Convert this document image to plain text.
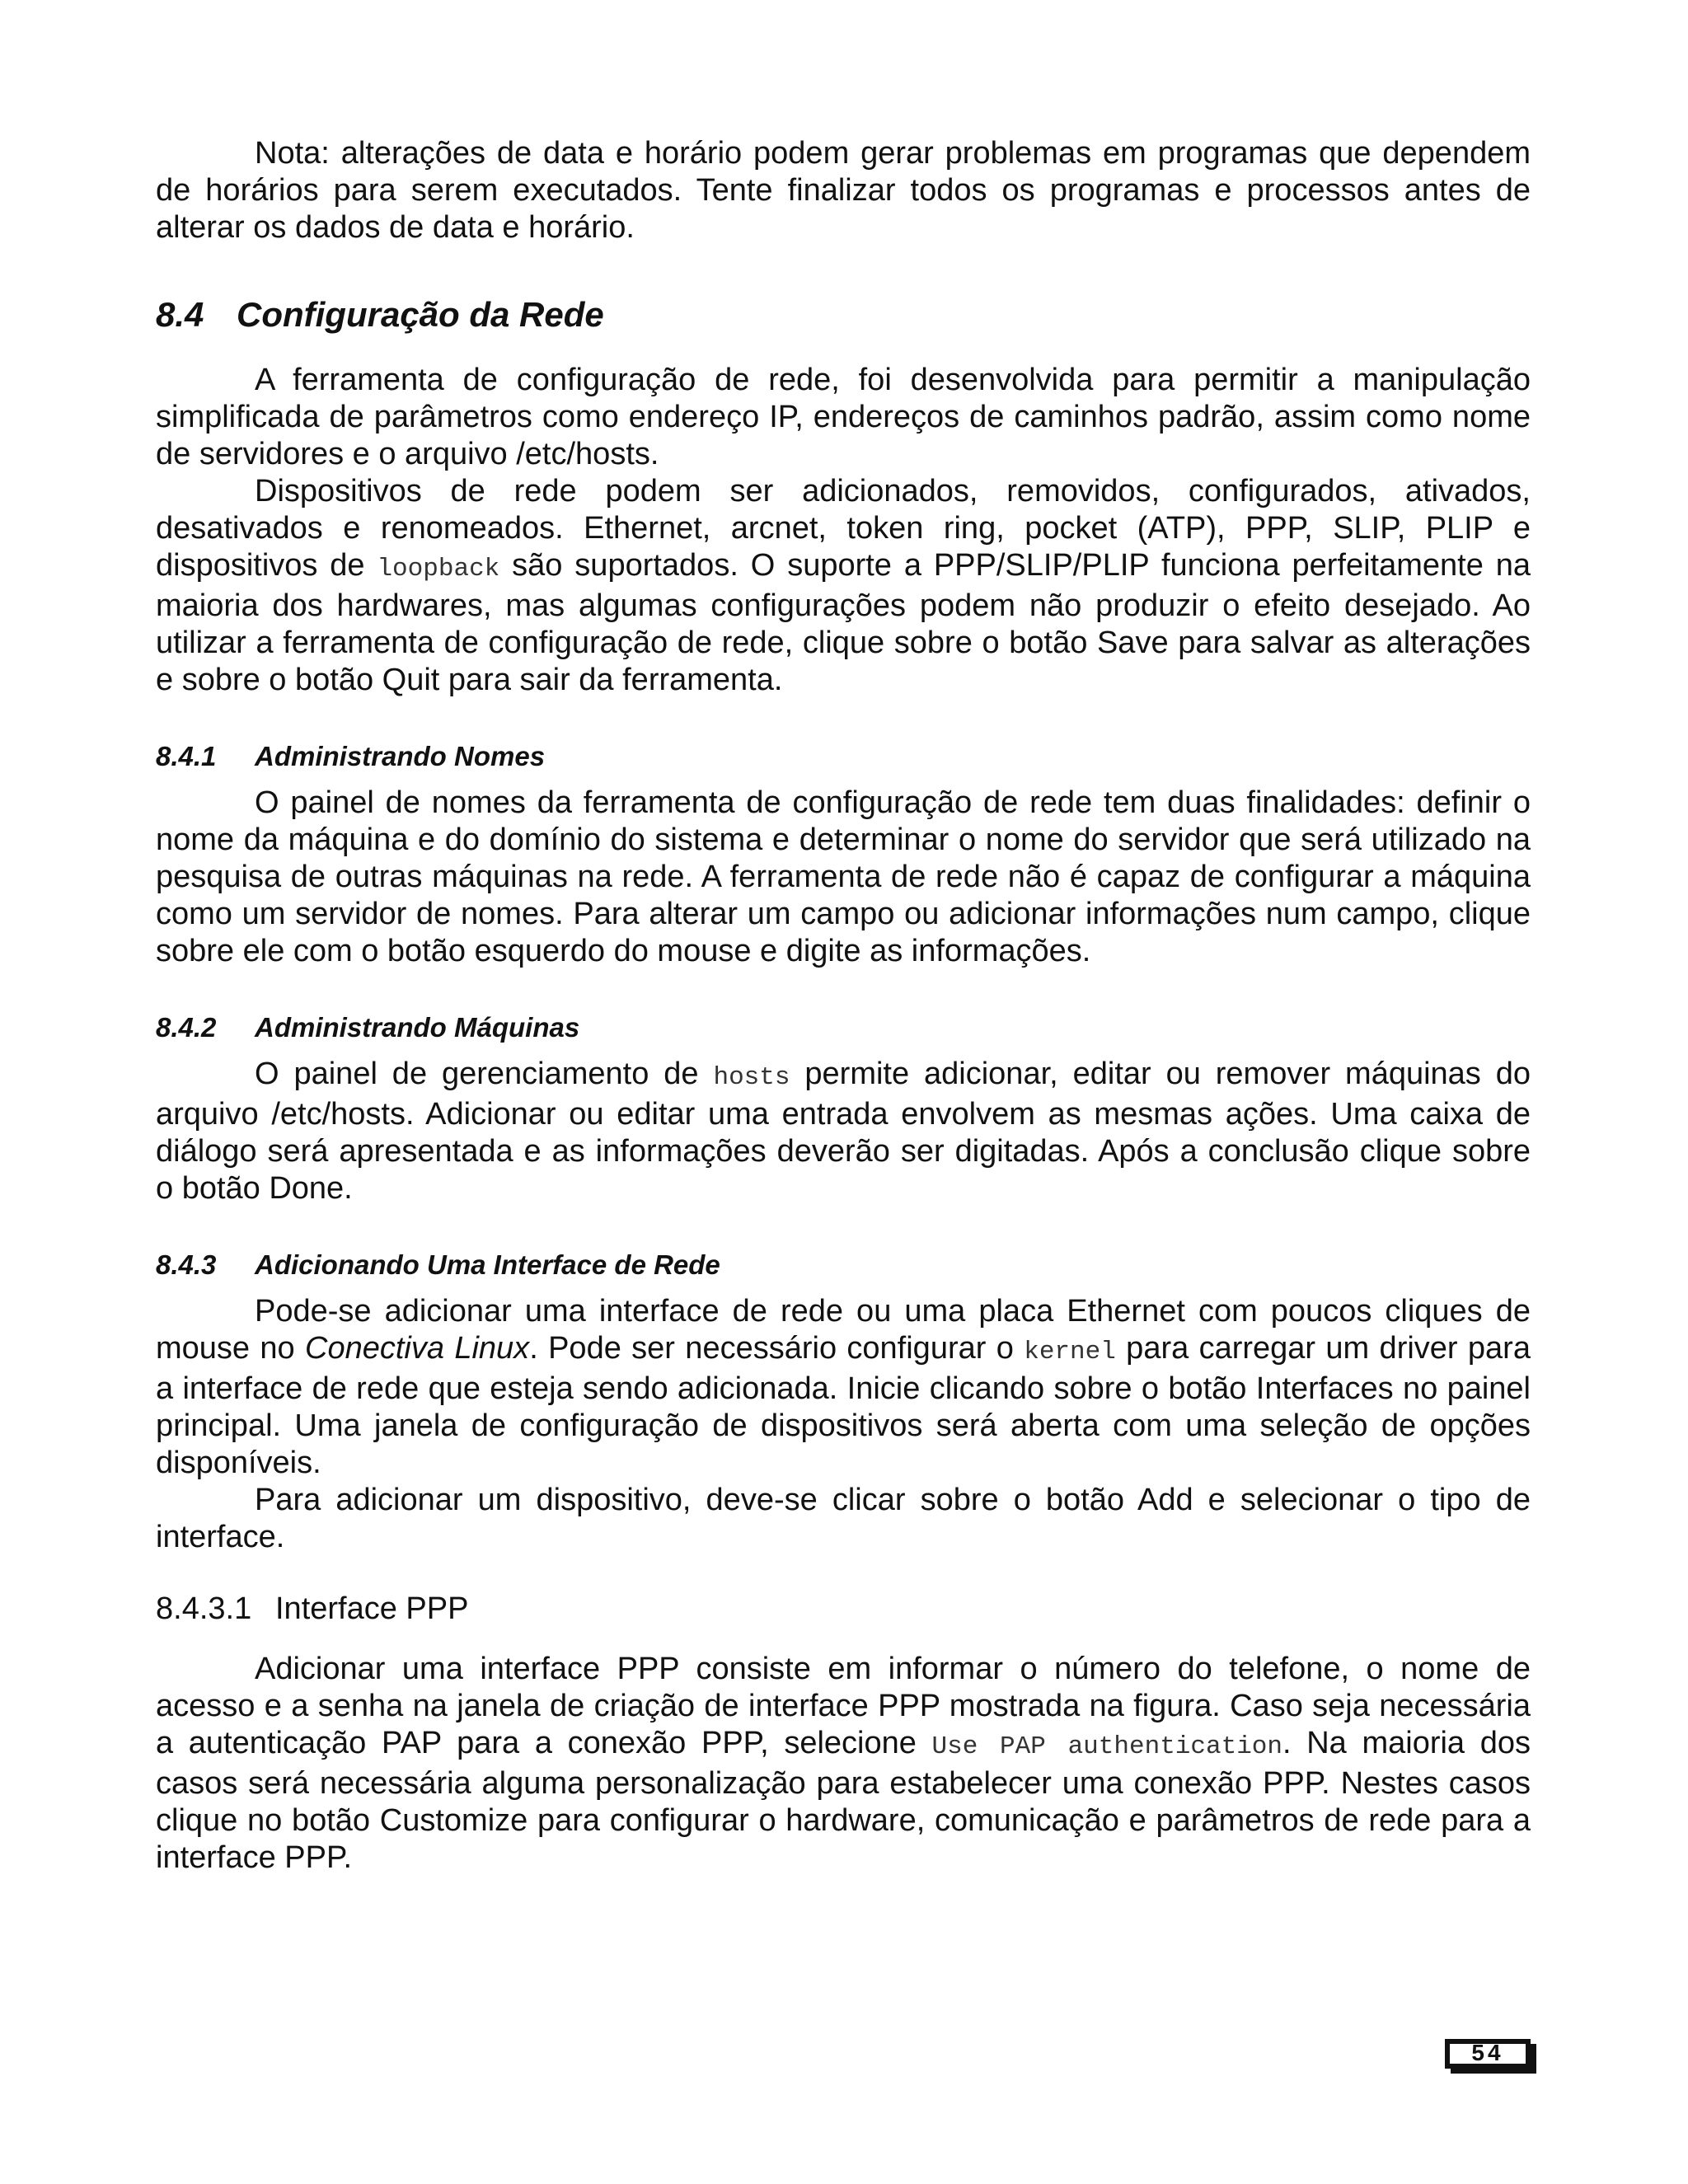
Nota: alterações de data e horário podem gerar problemas em programas que dependem de horários para serem executados. Tente finalizar todos os programas e processos antes de alterar os dados de data e horário.

8.4 Configuração da Rede

A ferramenta de configuração de rede, foi desenvolvida para permitir a manipulação simplificada de parâmetros como endereço IP, endereços de caminhos padrão, assim como nome de servidores e o arquivo /etc/hosts.

Dispositivos de rede podem ser adicionados, removidos, configurados, ativados, desativados e renomeados. Ethernet, arcnet, token ring, pocket (ATP), PPP, SLIP, PLIP e dispositivos de loopback são suportados. O suporte a PPP/SLIP/PLIP funciona perfeitamente na maioria dos hardwares, mas algumas configurações podem não produzir o efeito desejado. Ao utilizar a ferramenta de configuração de rede, clique sobre o botão Save para salvar as alterações e sobre o botão Quit para sair da ferramenta.

8.4.1 Administrando Nomes

O painel de nomes da ferramenta de configuração de rede tem duas finalidades: definir o nome da máquina e do domínio do sistema e determinar o nome do servidor que será utilizado na pesquisa de outras máquinas na rede. A ferramenta de rede não é capaz de configurar a máquina como um servidor de nomes. Para alterar um campo ou adicionar informações num campo, clique sobre ele com o botão esquerdo do mouse e digite as informações.

8.4.2 Administrando Máquinas

O painel de gerenciamento de hosts permite adicionar, editar ou remover máquinas do arquivo /etc/hosts. Adicionar ou editar uma entrada envolvem as mesmas ações. Uma caixa de diálogo será apresentada e as informações deverão ser digitadas. Após a conclusão clique sobre o botão Done.

8.4.3 Adicionando Uma Interface de Rede

Pode-se adicionar uma interface de rede ou uma placa Ethernet com poucos cliques de mouse no Conectiva Linux. Pode ser necessário configurar o kernel para carregar um driver para a interface de rede que esteja sendo adicionada. Inicie clicando sobre o botão Interfaces no painel principal. Uma janela de configuração de dispositivos será aberta com uma seleção de opções disponíveis.

Para adicionar um dispositivo, deve-se clicar sobre o botão Add e selecionar o tipo de interface.

8.4.3.1 Interface PPP

Adicionar uma interface PPP consiste em informar o número do telefone, o nome de acesso e a senha na janela de criação de interface PPP mostrada na figura. Caso seja necessária a autenticação PAP para a conexão PPP, selecione Use PAP authentication. Na maioria dos casos será necessária alguma personalização para estabelecer uma conexão PPP. Nestes casos clique no botão Customize para configurar o hardware, comunicação e parâmetros de rede para a interface PPP.

54
